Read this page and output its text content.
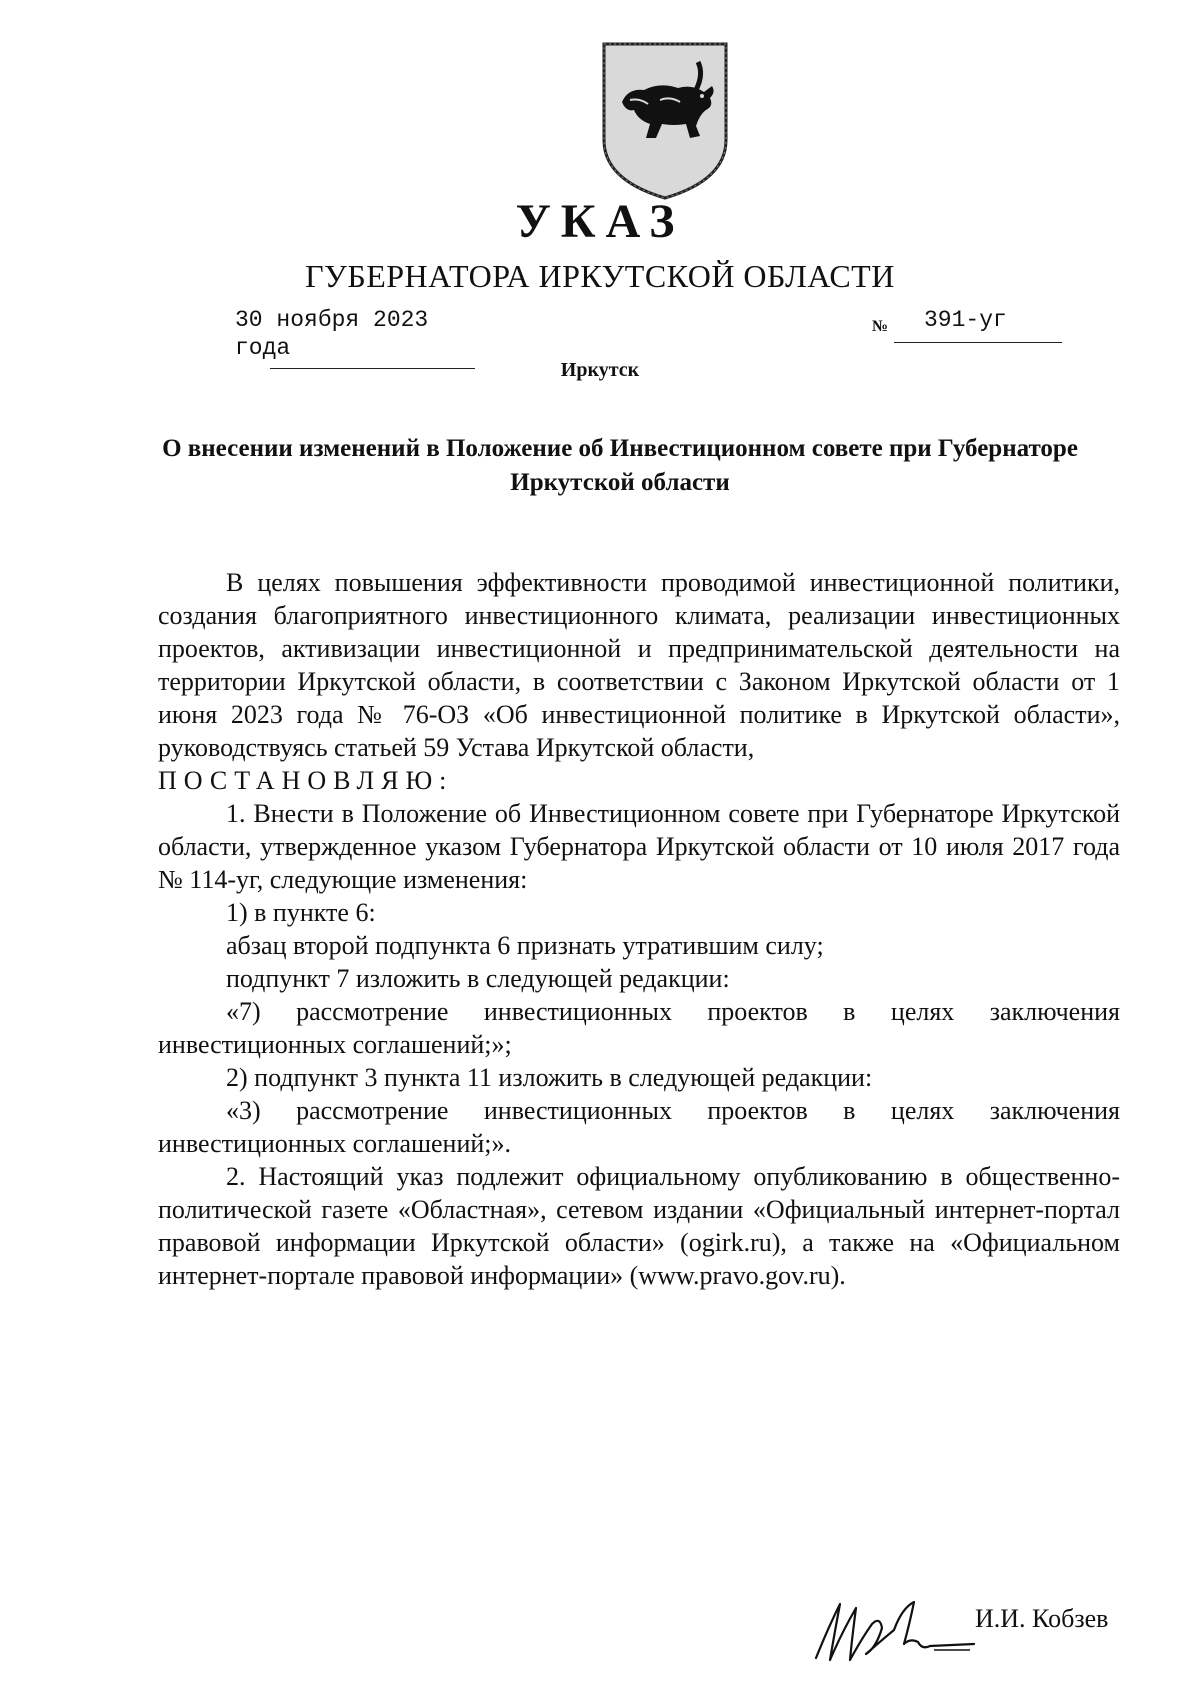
УКАЗ
ГУБЕРНАТОРА ИРКУТСКОЙ ОБЛАСТИ
30 ноября 2023 года
№ 391-уг
Иркутск
О внесении изменений в Положение об Инвестиционном совете при Губернаторе Иркутской области

В целях повышения эффективности проводимой инвестиционной политики, создания благоприятного инвестиционного климата, реализации инвестиционных проектов, активизации инвестиционной и предпринимательской деятельности на территории Иркутской области, в соответствии с Законом Иркутской области от 1 июня 2023 года № 76-ОЗ «Об инвестиционной политике в Иркутской области», руководствуясь статьей 59 Устава Иркутской области,

ПОСТАНОВЛЯЮ:

1. Внести в Положение об Инвестиционном совете при Губернаторе Иркутской области, утвержденное указом Губернатора Иркутской области от 10 июля 2017 года № 114-уг, следующие изменения:

1) в пункте 6:

абзац второй подпункта 6 признать утратившим силу;

подпункт 7 изложить в следующей редакции:

«7) рассмотрение инвестиционных проектов в целях заключения инвестиционных соглашений;»;

2) подпункт 3 пункта 11 изложить в следующей редакции:

«3) рассмотрение инвестиционных проектов в целях заключения инвестиционных соглашений;».

2. Настоящий указ подлежит официальному опубликованию в общественно-политической газете «Областная», сетевом издании «Официальный интернет-портал правовой информации Иркутской области» (ogirk.ru), а также на «Официальном интернет-портале правовой информации» (www.pravo.gov.ru).

И.И. Кобзев
